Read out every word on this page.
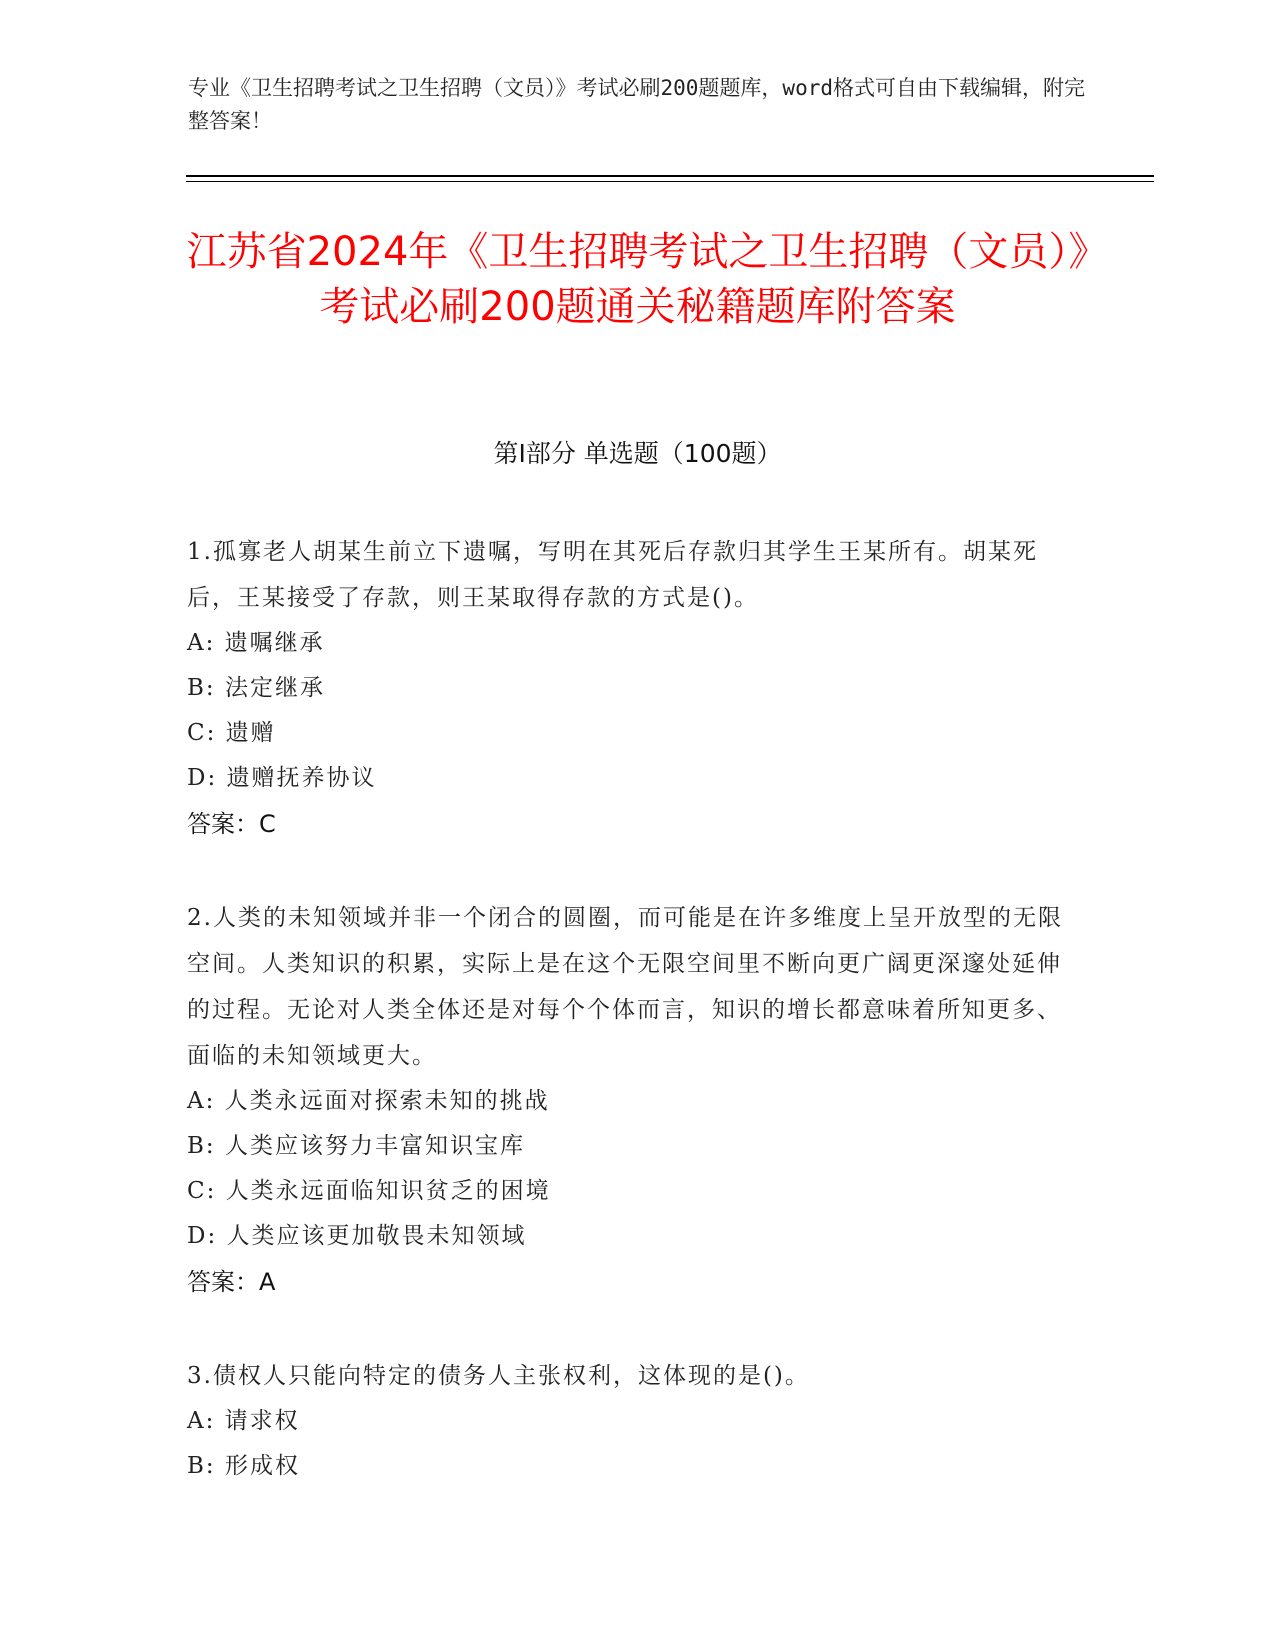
专业《卫生招聘考试之卫生招聘（文员）》考试必刷200题题库，word格式可自由下载编辑，附完整答案！
江苏省2024年《卫生招聘考试之卫生招聘（文员）》考试必刷200题通关秘籍题库附答案
第Ⅰ部分 单选题（100题）
1.孤寡老人胡某生前立下遗嘱，写明在其死后存款归其学生王某所有。胡某死后，王某接受了存款，则王某取得存款的方式是()。
A: 遗嘱继承
B: 法定继承
C: 遗赠
D: 遗赠抚养协议
答案：C
2.人类的未知领域并非一个闭合的圆圈，而可能是在许多维度上呈开放型的无限空间。人类知识的积累，实际上是在这个无限空间里不断向更广阔更深邃处延伸的过程。无论对人类全体还是对每个个体而言，知识的增长都意味着所知更多、面临的未知领域更大。
A: 人类永远面对探索未知的挑战
B: 人类应该努力丰富知识宝库
C: 人类永远面临知识贫乏的困境
D: 人类应该更加敬畏未知领域
答案：A
3.债权人只能向特定的债务人主张权利，这体现的是()。
A: 请求权
B: 形成权
